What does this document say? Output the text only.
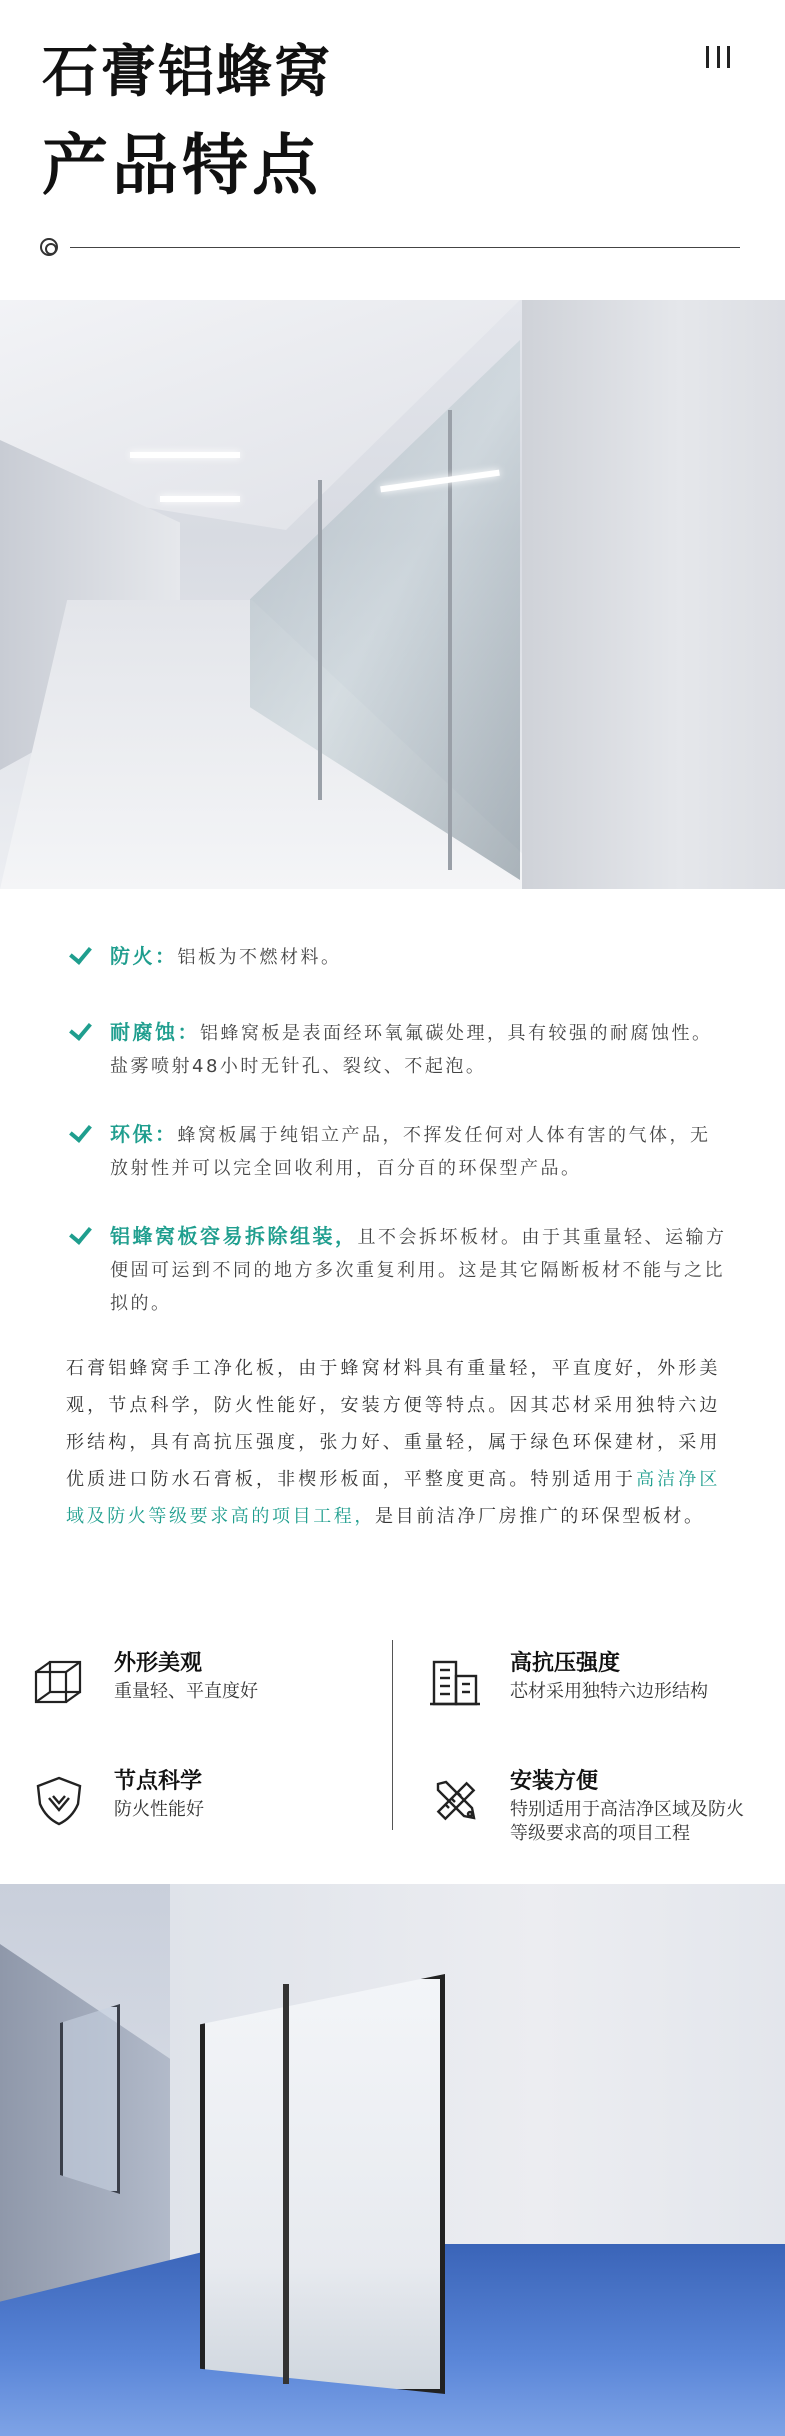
石膏铝蜂窝
产品特点
防火：铝板为不燃材料。
耐腐蚀：铝蜂窝板是表面经环氧氟碳处理，具有较强的耐腐蚀性。盐雾喷射48小时无针孔、裂纹、不起泡。
环保：蜂窝板属于纯铝立产品，不挥发任何对人体有害的气体，无放射性并可以完全回收利用，百分百的环保型产品。
铝蜂窝板容易拆除组装，且不会拆坏板材。由于其重量轻、运输方便固可运到不同的地方多次重复利用。这是其它隔断板材不能与之比拟的。
石膏铝蜂窝手工净化板，由于蜂窝材料具有重量轻，平直度好，外形美观，节点科学，防火性能好，安装方便等特点。因其芯材采用独特六边形结构，具有高抗压强度，张力好、重量轻，属于绿色环保建材，采用优质进口防水石膏板，非楔形板面，平整度更高。特别适用于高洁净区域及防火等级要求高的项目工程，是目前洁净厂房推广的环保型板材。
外形美观
重量轻、平直度好
高抗压强度
芯材采用独特六边形结构
节点科学
防火性能好
安装方便
特别适用于高洁净区域及防火等级要求高的项目工程
